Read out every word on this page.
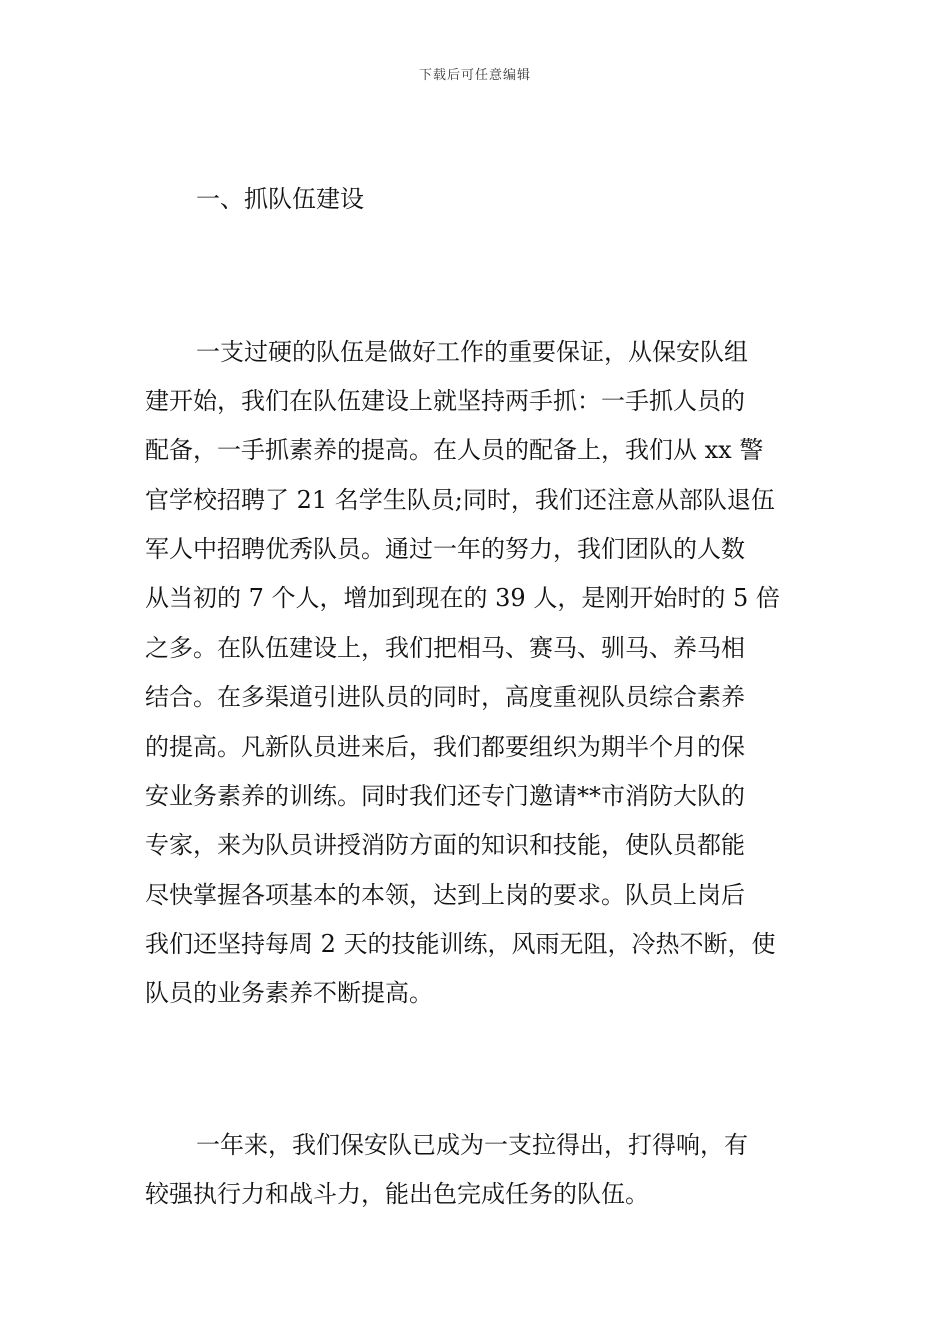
下载后可任意编辑
一、抓队伍建设
一支过硬的队伍是做好工作的重要保证，从保安队组
建开始，我们在队伍建设上就坚持两手抓：一手抓人员的
配备，一手抓素养的提高。在人员的配备上，我们从 xx 警
官学校招聘了 21 名学生队员;同时，我们还注意从部队退伍
军人中招聘优秀队员。通过一年的努力，我们团队的人数
从当初的 7 个人，增加到现在的 39 人，是刚开始时的 5 倍
之多。在队伍建设上，我们把相马、赛马、驯马、养马相
结合。在多渠道引进队员的同时，高度重视队员综合素养
的提高。凡新队员进来后，我们都要组织为期半个月的保
安业务素养的训练。同时我们还专门邀请**市消防大队的
专家，来为队员讲授消防方面的知识和技能，使队员都能
尽快掌握各项基本的本领，达到上岗的要求。队员上岗后
我们还坚持每周 2 天的技能训练，风雨无阻，冷热不断，使
队员的业务素养不断提高。
一年来，我们保安队已成为一支拉得出，打得响，有
较强执行力和战斗力，能出色完成任务的队伍。
